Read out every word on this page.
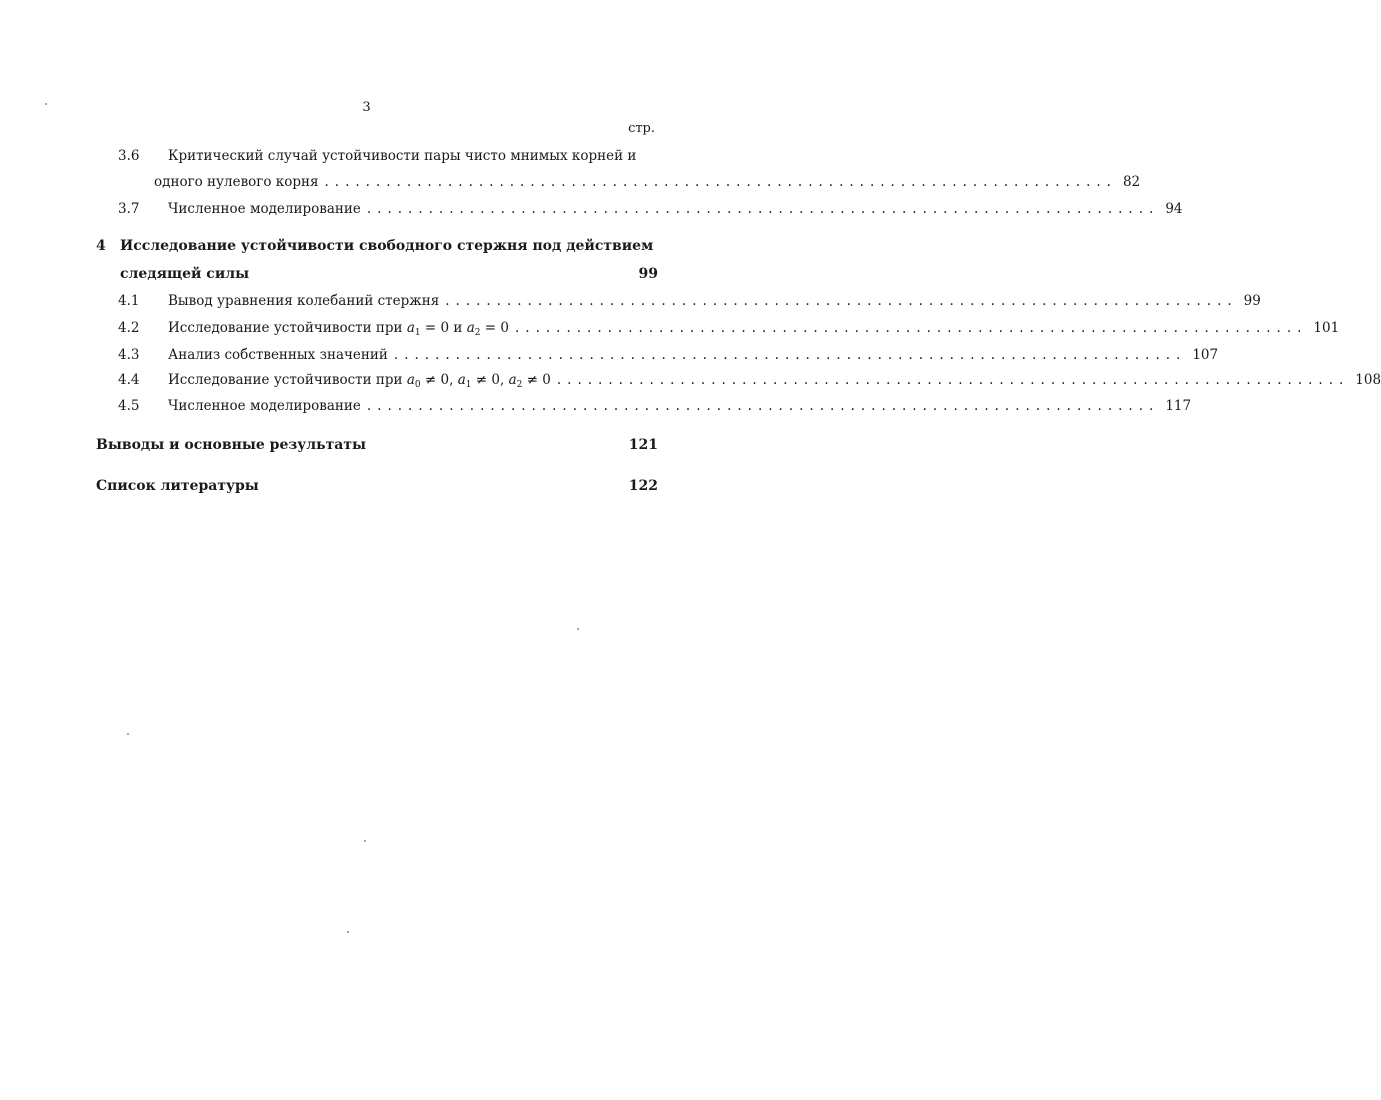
3
стр.
3.6 Критический случай устойчивости пары чисто мнимых корней и
одного нулевого корня ............................................................................. 82
3.7 Численное моделирование ............................................................................. 94
4 Исследование устойчивости свободного стержня под действием
следящей силы	99
4.1 Вывод уравнения колебаний стержня ............................................................................. 99
4.2 Исследование устойчивости при $a_1 = 0$ и $a_2 = 0$ ............................................................................. 101
4.3 Анализ собственных значений ............................................................................. 107
4.4 Исследование устойчивости при $a_0 \ne 0$, $a_1 \ne 0$, $a_2 \ne 0$ ............................................................................. 108
4.5 Численное моделирование ............................................................................. 117
Выводы и основные результаты	121
Список литературы	122
